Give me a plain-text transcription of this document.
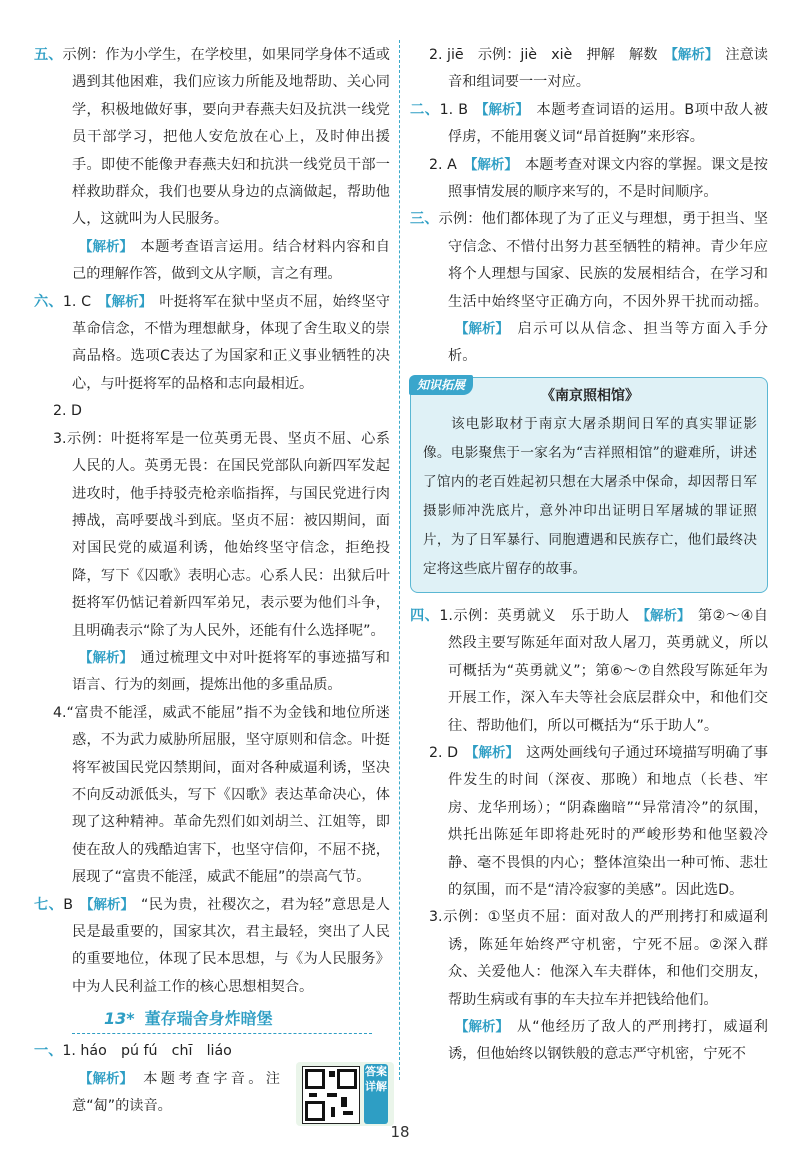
五、示例：作为小学生，在学校里，如果同学身体不适或遇到其他困难，我们应该力所能及地帮助、关心同学，积极地做好事，要向尹春燕夫妇及抗洪一线党员干部学习，把他人安危放在心上，及时伸出援手。即使不能像尹春燕夫妇和抗洪一线党员干部一样救助群众，我们也要从身边的点滴做起，帮助他人，这就叫为人民服务。

【 解析 】 本题考查语言运用。结合材料内容和自己的理解作答，做到文从字顺，言之有理。

六、1. C 【 解析 】 叶挺将军在狱中坚贞不屈，始终坚守革命信念，不惜为理想献身，体现了舍生取义的崇高品格。选项C表达了为国家和正义事业牺牲的决心，与叶挺将军的品格和志向最相近。

2. D

3.示例：叶挺将军是一位英勇无畏、坚贞不屈、心系人民的人。英勇无畏：在国民党部队向新四军发起进攻时，他手持驳壳枪亲临指挥，与国民党进行肉搏战，高呼要战斗到底。坚贞不屈：被囚期间，面对国民党的威逼利诱，他始终坚守信念，拒绝投降，写下《囚歌》表明心志。心系人民：出狱后叶挺将军仍惦记着新四军弟兄，表示要为他们斗争，且明确表示“除了为人民外，还能有什么选择呢”。

【 解析 】 通过梳理文中对叶挺将军的事迹描写和语言、行为的刻画，提炼出他的多重品质。

4.“富贵不能淫，威武不能屈”指不为金钱和地位所迷惑，不为武力威胁所屈服，坚守原则和信念。叶挺将军被国民党囚禁期间，面对各种威逼利诱，坚决不向反动派低头，写下《囚歌》表达革命决心，体现了这种精神。革命先烈们如刘胡兰、江姐等，即使在敌人的残酷迫害下，也坚守信仰，不屈不挠，展现了“富贵不能淫，威武不能屈”的崇高气节。

七、B 【 解析 】 “民为贵，社稷次之，君为轻”意思是人民是最重要的，国家其次，君主最轻，突出了人民的重要地位，体现了民本思想，与《为人民服务》中为人民利益工作的核心思想相契合。

13* 董存瑞舍身炸暗堡

一、1. háo　pú fú　chī　liáo

【 解析 】 本题考查字音。注意“匐”的读音。

答案详解

2. jiē　示例：jiè　xiè　押解　解数 【 解析 】 注意读音和组词要一一对应。

二、1. B 【 解析 】 本题考查词语的运用。B项中敌人被俘虏，不能用褒义词“昂首挺胸”来形容。

2. A 【 解析 】 本题考查对课文内容的掌握。课文是按照事情发展的顺序来写的，不是时间顺序。

三、示例：他们都体现了为了正义与理想，勇于担当、坚守信念、不惜付出努力甚至牺牲的精神。青少年应将个人理想与国家、民族的发展相结合，在学习和生活中始终坚守正确方向，不因外界干扰而动摇。【 解析 】 启示可以从信念、担当等方面入手分析。

知识拓展
《南京照相馆》

该电影取材于南京大屠杀期间日军的真实罪证影像。电影聚焦于一家名为“吉祥照相馆”的避难所，讲述了馆内的老百姓起初只想在大屠杀中保命，却因帮日军摄影师冲洗底片，意外冲印出证明日军屠城的罪证照片，为了日军暴行、同胞遭遇和民族存亡，他们最终决定将这些底片留存的故事。

四、1.示例：英勇就义　乐于助人 【 解析 】 第②～④自然段主要写陈延年面对敌人屠刀，英勇就义，所以可概括为“英勇就义”；第⑥～⑦自然段写陈延年为开展工作，深入车夫等社会底层群众中，和他们交往、帮助他们，所以可概括为“乐于助人”。

2. D 【 解析 】 这两处画线句子通过环境描写明确了事件发生的时间（深夜、那晚）和地点（长巷、牢房、龙华刑场）；“阴森幽暗”“异常清冷”的氛围，烘托出陈延年即将赴死时的严峻形势和他坚毅冷静、毫不畏惧的内心；整体渲染出一种可怖、悲壮的氛围，而不是“清冷寂寥的美感”。因此选D。

3.示例：①坚贞不屈：面对敌人的严刑拷打和威逼利诱，陈延年始终严守机密，宁死不屈。②深入群众、关爱他人：他深入车夫群体，和他们交朋友，帮助生病或有事的车夫拉车并把钱给他们。

【 解析 】 从“他经历了敌人的严刑拷打，威逼利诱，但他始终以钢铁般的意志严守机密，宁死不

18
